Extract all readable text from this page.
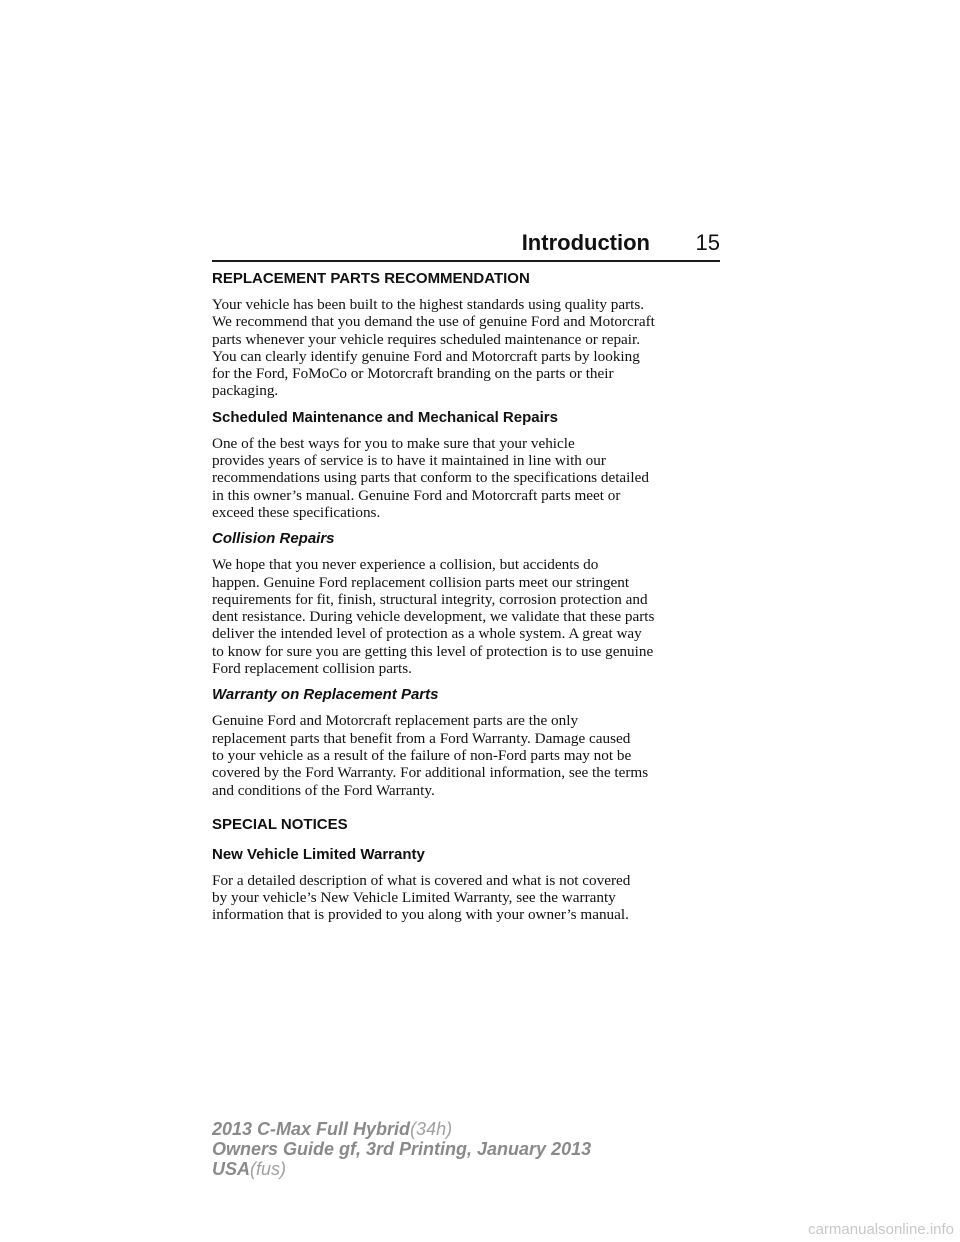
Introduction 15
REPLACEMENT PARTS RECOMMENDATION
Your vehicle has been built to the highest standards using quality parts.
We recommend that you demand the use of genuine Ford and Motorcraft
parts whenever your vehicle requires scheduled maintenance or repair.
You can clearly identify genuine Ford and Motorcraft parts by looking
for the Ford, FoMoCo or Motorcraft branding on the parts or their
packaging.
Scheduled Maintenance and Mechanical Repairs
One of the best ways for you to make sure that your vehicle
provides years of service is to have it maintained in line with our
recommendations using parts that conform to the specifications detailed
in this owner’s manual. Genuine Ford and Motorcraft parts meet or
exceed these specifications.
Collision Repairs
We hope that you never experience a collision, but accidents do
happen. Genuine Ford replacement collision parts meet our stringent
requirements for fit, finish, structural integrity, corrosion protection and
dent resistance. During vehicle development, we validate that these parts
deliver the intended level of protection as a whole system. A great way
to know for sure you are getting this level of protection is to use genuine
Ford replacement collision parts.
Warranty on Replacement Parts
Genuine Ford and Motorcraft replacement parts are the only
replacement parts that benefit from a Ford Warranty. Damage caused
to your vehicle as a result of the failure of non-Ford parts may not be
covered by the Ford Warranty. For additional information, see the terms
and conditions of the Ford Warranty.
SPECIAL NOTICES
New Vehicle Limited Warranty
For a detailed description of what is covered and what is not covered
by your vehicle’s New Vehicle Limited Warranty, see the warranty
information that is provided to you along with your owner’s manual.
2013 C-Max Full Hybrid(34h)
Owners Guide gf, 3rd Printing, January 2013
USA(fus)
carmanualsonline.info
